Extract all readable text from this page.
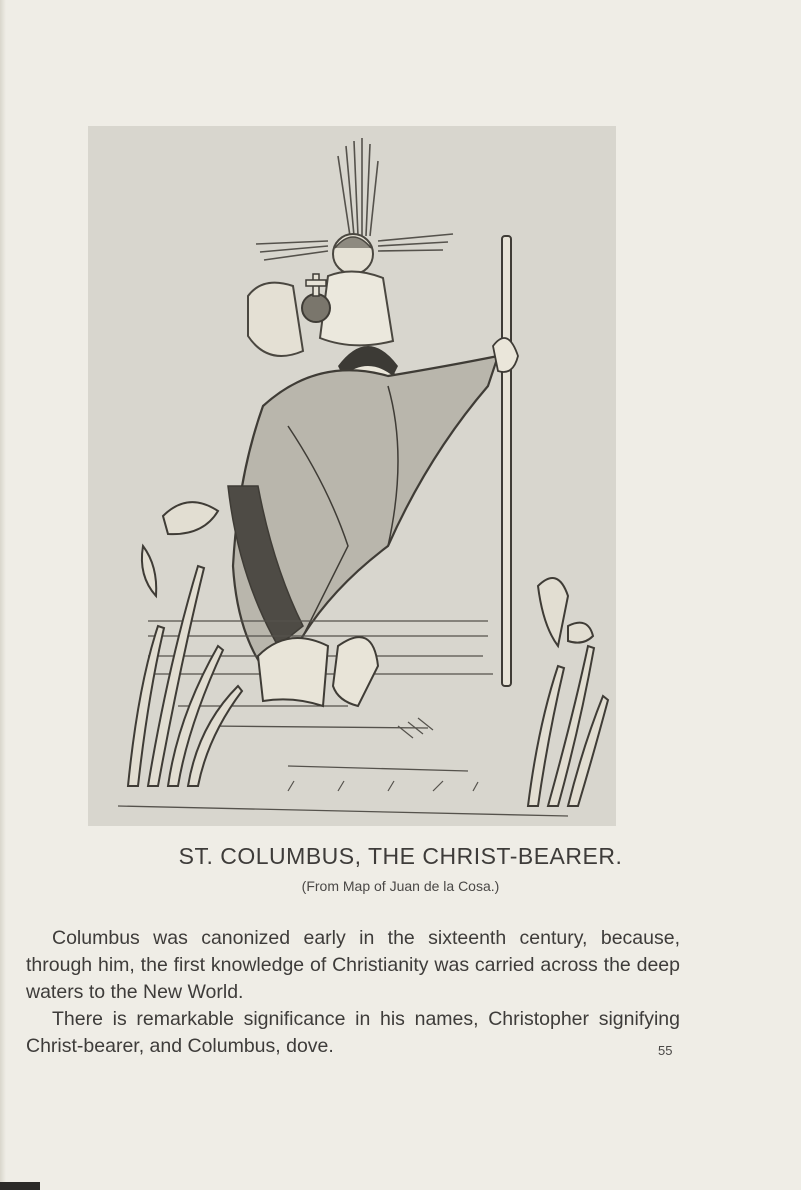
ST. COLUMBUS, THE CHRIST-BEARER.
(From Map of Juan de la Cosa.)

Columbus was canonized early in the sixteenth century, because, through him, the first knowledge of Christianity was carried across the deep waters to the New World.

There is remarkable significance in his names, Christopher signifying Christ-bearer, and Columbus, dove.	55
